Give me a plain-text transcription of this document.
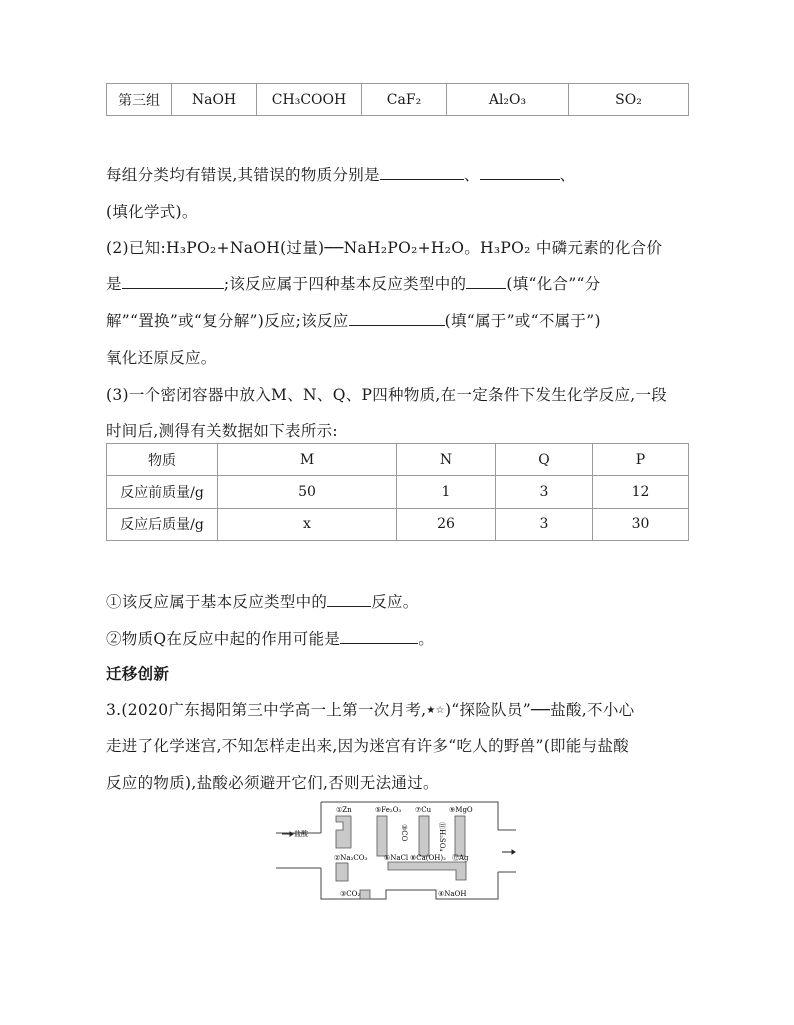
第三组	NaOH	CH₃COOH	CaF₂	Al₂O₃	SO₂
每组分类均有错误,其错误的物质分别是	、	、
(填化学式)。
(2)已知:H₃PO₂+NaOH(过量)──NaH₂PO₂+H₂O。H₃PO₂ 中磷元素的化合价
是	;该反应属于四种基本反应类型中的	(填“化合”“分
解”“置换”或“复分解”)反应;该反应	(填“属于”或“不属于”)
氧化还原反应。
(3)一个密闭容器中放入M、N、Q、P四种物质,在一定条件下发生化学反应,一段
时间后,测得有关数据如下表所示:
物质	M	N	Q	P
反应前质量/g	50	1	3	12
反应后质量/g	x	26	3	30
①该反应属于基本反应类型中的	反应。
②物质Q在反应中起的作用可能是	。
迁移创新
3.(2020广东揭阳第三中学高一上第一次月考,★☆)“探险队员”──盐酸,不小心
走进了化学迷宫,不知怎样走出来,因为迷宫有许多“吃人的野兽”(即能与盐酸
反应的物质),盐酸必须避开它们,否则无法通过。
盐酸
①Zn	⑤Fe₂O₃ ⑦Cu	⑨MgO
③CO	⑪H₂SO₄
②Na₂CO₃ ⑥NaCl ⑧Ca(OH)₂ ⑫Ag
③CO₂	④NaOH
